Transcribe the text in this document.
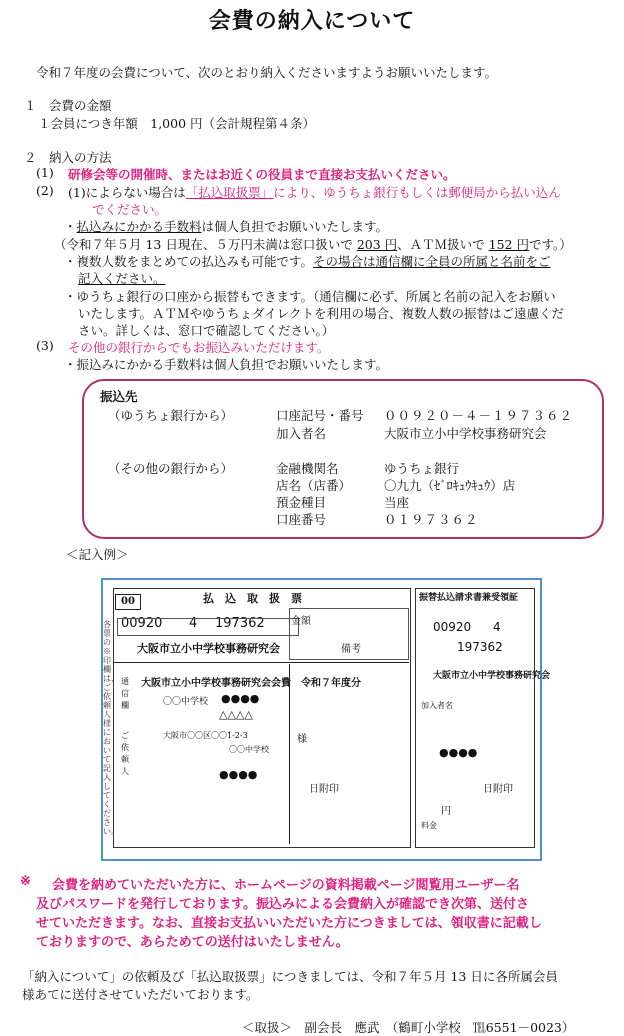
会費の納入について
令和７年度の会費について、次のとおり納入くださいますようお願いいたします。
１　会費の金額
１会員につき年額　1,000 円（会計規程第４条）
２　納入の方法
(1) 研修会等の開催時、またはお近くの役員まで直接お支払いください。
(2) (1)によらない場合は「払込取扱票」により、ゆうちょ銀行もしくは郵便局から払い込ん
でください。
・払込みにかかる手数料は個人負担でお願いいたします。
（令和７年５月 13 日現在、５万円未満は窓口扱いで 203 円、ＡＴＭ扱いで 152 円です。）
・複数人数をまとめての払込みも可能です。その場合は通信欄に全員の所属と名前をご
記入ください。
・ゆうちょ銀行の口座から振替もできます。（通信欄に必ず、所属と名前の記入をお願い
いたします。ＡＴＭやゆうちょダイレクトを利用の場合、複数人数の振替はご遠慮くだ
さい。詳しくは、窓口で確認してください。）
(3) その他の銀行からでもお振込みいただけます。
・振込みにかかる手数料は個人負担でお願いいたします。
振込先
（ゆうちょ銀行から）	口座記号・番号 ００９２０－４－１９７３６２
加入者名	大阪市立小中学校事務研究会
（その他の銀行から）	金融機関名	ゆうちょ銀行
店名（店番）	〇九九（ｾﾞﾛｷｭｳｷｭｳ）店
預金種目	当座
口座番号	０１９７３６２
＜記入例＞
00	払　込　取　扱　票
00920 4 197362
大阪市立小中学校事務研究会	備考
金額
大阪市立小中学校事務研究会会費　令和７年度分
〇〇中学校 ●●●●
△△△△
大阪市〇〇区〇〇1-2-3
〇〇中学校
●●●●
各票の※印欄は、ご依頼人様において記入してください。
通
信
欄
ご
依
頼
人
日附印
様
振替払込請求書兼受領証
00920 4
197362
大阪市立小中学校事務研究会
●●●●
円
日附印
加入者名
料金
※ 会費を納めていただいた方に、ホームページの資料掲載ページ閲覧用ユーザー名
及びパスワードを発行しております。振込みによる会費納入が確認でき次第、送付さ
せていただきます。なお、直接お支払いいただいた方につきましては、領収書に記載し
ておりますので、あらためての送付はいたしません。
「納入について」の依頼及び「払込取扱票」につきましては、令和７年５月 13 日に各所属会員
様あてに送付させていただいております。
＜取扱＞　副会長　應武　（鶴町小学校　℡6551－0023）
